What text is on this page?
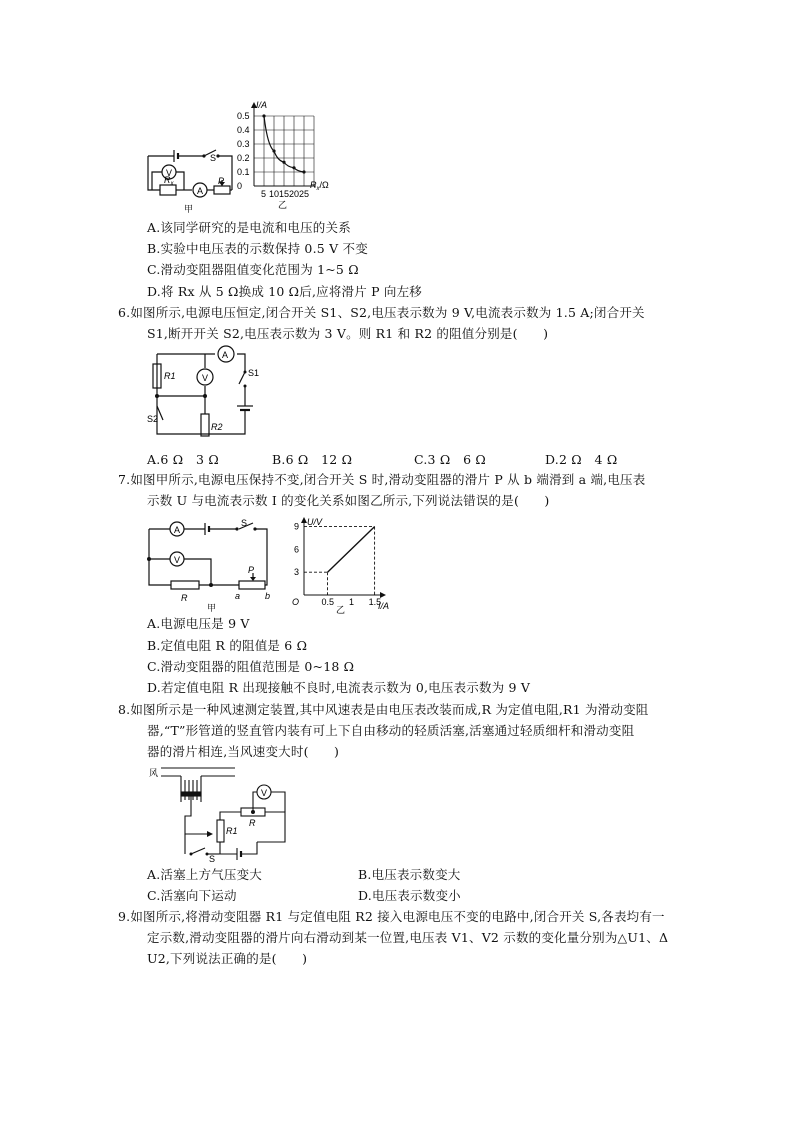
V
A
S
$R_x$	P
甲
I/A
0.5
0.4
0.3
0.2
0.1
0
5 10 15 20 25
$R_x/\Omega$
乙
A.该同学研究的是电流和电压的关系
B.实验中电压表的示数保持 0.5 V 不变
C.滑动变阻器阻值变化范围为 1~5 Ω
D.将 Rx 从 5 Ω换成 10 Ω后,应将滑片 P 向左移
6.如图所示,电源电压恒定,闭合开关 S1、S2,电压表示数为 9 V,电流表示数为 1.5 A;闭合开关
S1,断开开关 S2,电压表示数为 3 V。则 R1 和 R2 的阻值分别是(　　)
A
V
R1
R2
S1
S2
A.6 Ω　3 Ω	B.6 Ω　12 Ω	C.3 Ω　6 Ω	D.2 Ω　4 Ω
7.如图甲所示,电源电压保持不变,闭合开关 S 时,滑动变阻器的滑片 P 从 b 端滑到 a 端,电压表
示数 U 与电流表示数 I 的变化关系如图乙所示,下列说法错误的是(　　)
A
V
S
R
P
a	b
甲
U/V
I/A
O
9
6
3
0.5 1 1.5
乙
A.电源电压是 9 V
B.定值电阻 R 的阻值是 6 Ω
C.滑动变阻器的阻值范围是 0~18 Ω
D.若定值电阻 R 出现接触不良时,电流表示数为 0,电压表示数为 9 V
8.如图所示是一种风速测定装置,其中风速表是由电压表改装而成,R 为定值电阻,R1 为滑动变阻
器,“T”形管道的竖直管内装有可上下自由移动的轻质活塞,活塞通过轻质细杆和滑动变阻
器的滑片相连,当风速变大时(　　)
风
R1
R
V
S
A.活塞上方气压变大	B.电压表示数变大
C.活塞向下运动	D.电压表示数变小
9.如图所示,将滑动变阻器 R1 与定值电阻 R2 接入电源电压不变的电路中,闭合开关 S,各表均有一
定示数,滑动变阻器的滑片向右滑动到某一位置,电压表 V1、V2 示数的变化量分别为△U1、Δ
U2,下列说法正确的是(　　)
